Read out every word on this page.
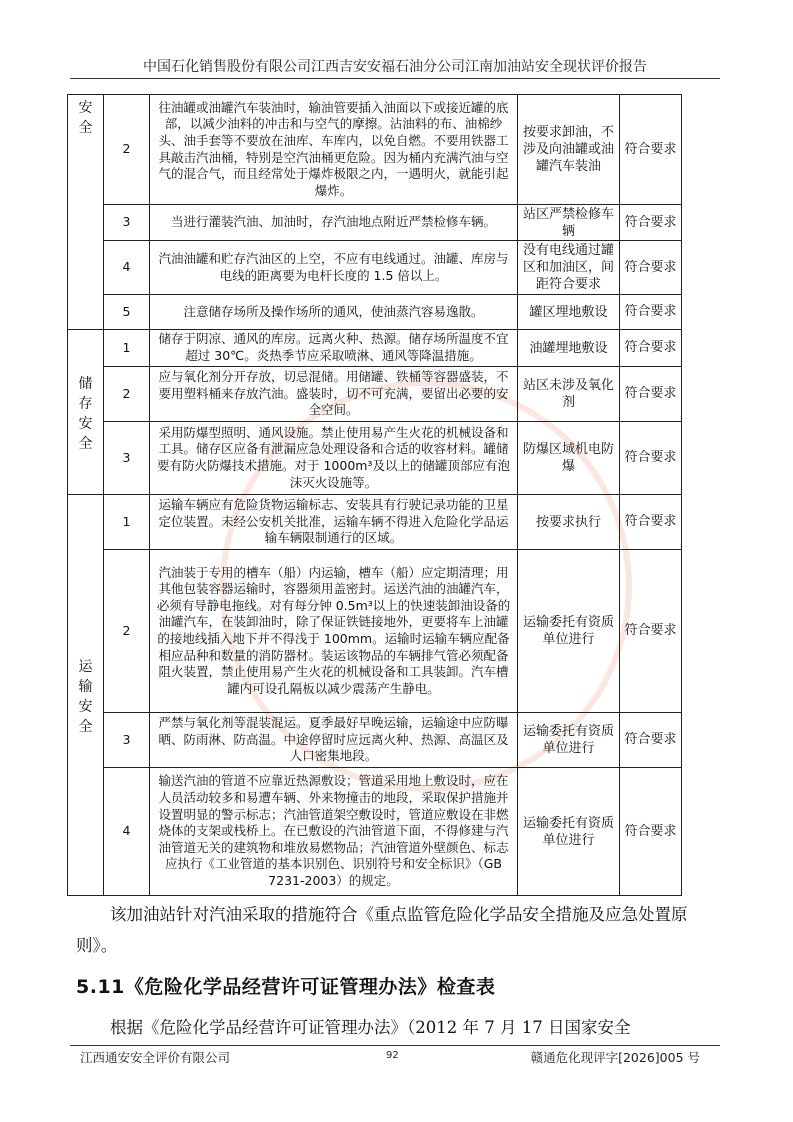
中国石化销售股份有限公司江西吉安安福石油分公司江南加油站安全现状评价报告
安
全	2	往油罐或油罐汽车装油时，输油管要插入油面以下或接近罐的底部，以减少油料的冲击和与空气的摩擦。沾油料的布、油棉纱头、油手套等不要放在油库、车库内，以免自燃。不要用铁器工具敲击汽油桶，特别是空汽油桶更危险。因为桶内充满汽油与空气的混合气，而且经常处于爆炸极限之内，一遇明火，就能引起爆炸。	按要求卸油，不涉及向油罐或油罐汽车装油	符合要求
	3	当进行灌装汽油、加油时，存汽油地点附近严禁检修车辆。	站区严禁检修车辆	符合要求
	4	汽油油罐和贮存汽油区的上空，不应有电线通过。油罐、库房与电线的距离要为电杆长度的 1.5 倍以上。	没有电线通过罐区和加油区，间距符合要求	符合要求
	5	注意储存场所及操作场所的通风，使油蒸汽容易逸散。	罐区埋地敷设	符合要求

储
存
安
全	1	储存于阴凉、通风的库房。远离火种、热源。储存场所温度不宜超过 30℃。炎热季节应采取喷淋、通风等降温措施。	油罐埋地敷设	符合要求
	2	应与氧化剂分开存放，切忌混储。用储罐、铁桶等容器盛装，不要用塑料桶来存放汽油。盛装时，切不可充满，要留出必要的安全空间。	站区未涉及氧化剂	符合要求
	3	采用防爆型照明、通风设施。禁止使用易产生火花的机械设备和工具。储存区应备有泄漏应急处理设备和合适的收容材料。罐储要有防火防爆技术措施。对于 1000m³及以上的储罐顶部应有泡沫灭火设施等。	防爆区域机电防爆	符合要求

运
输
安
全	1	运输车辆应有危险货物运输标志、安装具有行驶记录功能的卫星定位装置。未经公安机关批准，运输车辆不得进入危险化学品运输车辆限制通行的区域。	按要求执行	符合要求
	2	汽油装于专用的槽车（船）内运输，槽车（船）应定期清理；用其他包装容器运输时，容器须用盖密封。运送汽油的油罐汽车，必须有导静电拖线。对有每分钟 0.5m³以上的快速装卸油设备的油罐汽车，在装卸油时，除了保证铁链接地外，更要将车上油罐的接地线插入地下并不得浅于 100mm。运输时运输车辆应配备相应品种和数量的消防器材。装运该物品的车辆排气管必须配备阻火装置，禁止使用易产生火花的机械设备和工具装卸。汽车槽罐内可设孔隔板以减少震荡产生静电。	运输委托有资质单位进行	符合要求
	3	严禁与氧化剂等混装混运。夏季最好早晚运输，运输途中应防曝晒、防雨淋、防高温。中途停留时应远离火种、热源、高温区及人口密集地段。	运输委托有资质单位进行	符合要求
	4	输送汽油的管道不应靠近热源敷设；管道采用地上敷设时，应在人员活动较多和易遭车辆、外来物撞击的地段，采取保护措施并设置明显的警示标志；汽油管道架空敷设时，管道应敷设在非燃烧体的支架或栈桥上。在已敷设的汽油管道下面，不得修建与汽油管道无关的建筑物和堆放易燃物品；汽油管道外壁颜色、标志应执行《工业管道的基本识别色、识别符号和安全标识》（GB 7231-2003）的规定。	运输委托有资质单位进行	符合要求
该加油站针对汽油采取的措施符合《重点监管危险化学品安全措施及应急处置原则》。
5.11《危险化学品经营许可证管理办法》检查表
根据《危险化学品经营许可证管理办法》（2012 年 7 月 17 日国家安全
江西通安安全评价有限公司	92	赣通危化现评字[2026]005 号
